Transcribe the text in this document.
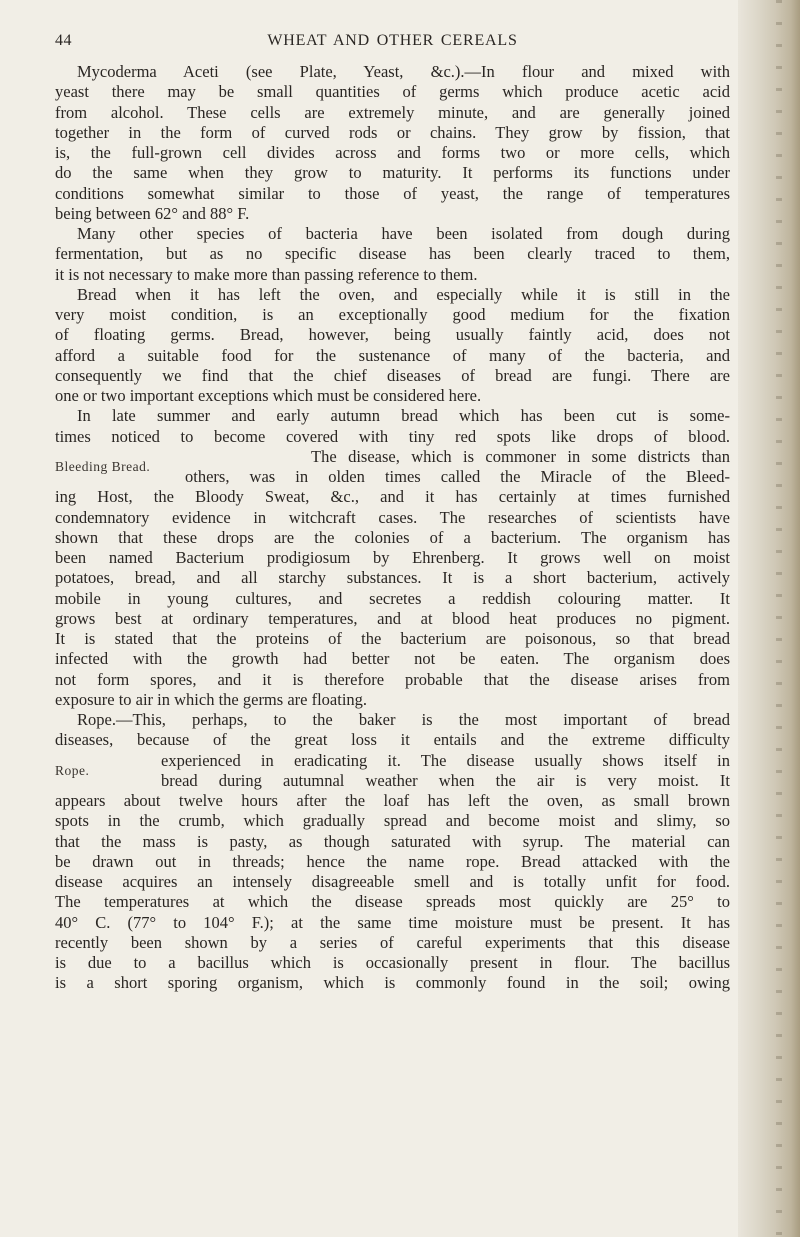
44	WHEAT AND OTHER CEREALS
Mycoderma Aceti (see Plate, Yeast, &c.).—In flour and mixed with
yeast there may be small quantities of germs which produce acetic acid
from alcohol. These cells are extremely minute, and are generally joined
together in the form of curved rods or chains. They grow by fission, that
is, the full-grown cell divides across and forms two or more cells, which
do the same when they grow to maturity. It performs its functions under
conditions somewhat similar to those of yeast, the range of temperatures
being between 62° and 88° F.
Many other species of bacteria have been isolated from dough during
fermentation, but as no specific disease has been clearly traced to them,
it is not necessary to make more than passing reference to them.
Bread when it has left the oven, and especially while it is still in the
very moist condition, is an exceptionally good medium for the fixation
of floating germs. Bread, however, being usually faintly acid, does not
afford a suitable food for the sustenance of many of the bacteria, and
consequently we find that the chief diseases of bread are fungi. There are
one or two important exceptions which must be considered here.
In late summer and early autumn bread which has been cut is some-
times noticed to become covered with tiny red spots like drops of blood.
Bleeding Bread.
The disease, which is commoner in some districts than
others, was in olden times called the Miracle of the Bleed-
ing Host, the Bloody Sweat, &c., and it has certainly at times furnished
condemnatory evidence in witchcraft cases. The researches of scientists have
shown that these drops are the colonies of a bacterium. The organism has
been named Bacterium prodigiosum by Ehrenberg. It grows well on moist
potatoes, bread, and all starchy substances. It is a short bacterium, actively
mobile in young cultures, and secretes a reddish colouring matter. It
grows best at ordinary temperatures, and at blood heat produces no pigment.
It is stated that the proteins of the bacterium are poisonous, so that bread
infected with the growth had better not be eaten. The organism does
not form spores, and it is therefore probable that the disease arises from
exposure to air in which the germs are floating.
Rope.—This, perhaps, to the baker is the most important of bread
diseases, because of the great loss it entails and the extreme difficulty
Rope.
experienced in eradicating it. The disease usually shows itself in
bread during autumnal weather when the air is very moist. It
appears about twelve hours after the loaf has left the oven, as small brown
spots in the crumb, which gradually spread and become moist and slimy, so
that the mass is pasty, as though saturated with syrup. The material can
be drawn out in threads; hence the name rope. Bread attacked with the
disease acquires an intensely disagreeable smell and is totally unfit for food.
The temperatures at which the disease spreads most quickly are 25° to
40° C. (77° to 104° F.); at the same time moisture must be present. It has
recently been shown by a series of careful experiments that this disease
is due to a bacillus which is occasionally present in flour. The bacillus
is a short sporing organism, which is commonly found in the soil; owing
